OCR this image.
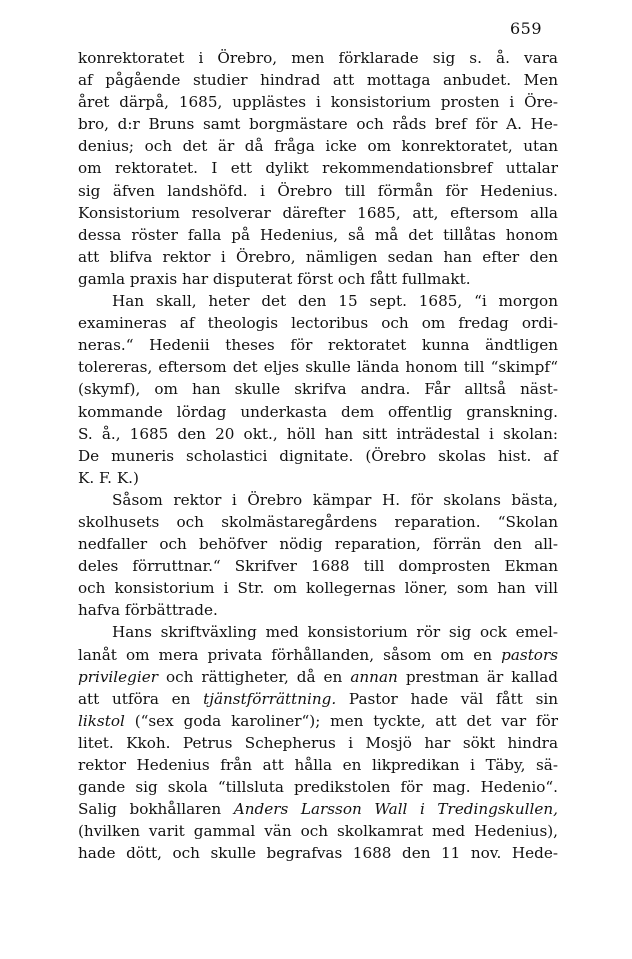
659
konrektoratet i Örebro, men förklarade sig s. å. vara
af pågående studier hindrad att mottaga anbudet. Men
året därpå, 1685, upplästes i konsistorium prosten i Öre-
bro, d:r Bruns samt borgmästare och råds bref för A. He-
denius; och det är då fråga icke om konrektoratet, utan
om rektoratet. I ett dylikt rekommendationsbref uttalar
sig äfven landshöfd. i Örebro till förmån för Hedenius.
Konsistorium resolverar därefter 1685, att, eftersom alla
dessa röster falla på Hedenius, så må det tillåtas honom
att blifva rektor i Örebro, nämligen sedan han efter den
gamla praxis har disputerat först och fått fullmakt.
Han skall, heter det den 15 sept. 1685, “i morgon
examineras af theologis lectoribus och om fredag ordi-
neras.“ Hedenii theses för rektoratet kunna ändtligen
tolereras, eftersom det eljes skulle lända honom till “skimpf“
(skymf), om han skulle skrifva andra. Får alltså näst-
kommande lördag underkasta dem offentlig granskning.
S. å., 1685 den 20 okt., höll han sitt inträdestal i skolan:
De muneris scholastici dignitate. (Örebro skolas hist. af
K. F. K.)
Såsom rektor i Örebro kämpar H. för skolans bästa,
skolhusets och skolmästaregårdens reparation. “Skolan
nedfaller och behöfver nödig reparation, förrän den all-
deles förruttnar.“ Skrifver 1688 till domprosten Ekman
och konsistorium i Str. om kollegernas löner, som han vill
hafva förbättrade.
Hans skriftväxling med konsistorium rör sig ock emel-
lanåt om mera privata förhållanden, såsom om en pastors
privilegier och rättigheter, då en annan prestman är kallad
att utföra en tjänstförrättning. Pastor hade väl fått sin
likstol (“sex goda karoliner“); men tyckte, att det var för
litet. Kkoh. Petrus Schepherus i Mosjö har sökt hindra
rektor Hedenius från att hålla en likpredikan i Täby, sä-
gande sig skola “tillsluta predikstolen för mag. Hedenio“.
Salig bokhållaren Anders Larsson Wall i Tredingskullen,
(hvilken varit gammal vän och skolkamrat med Hedenius),
hade dött, och skulle begrafvas 1688 den 11 nov. Hede-
